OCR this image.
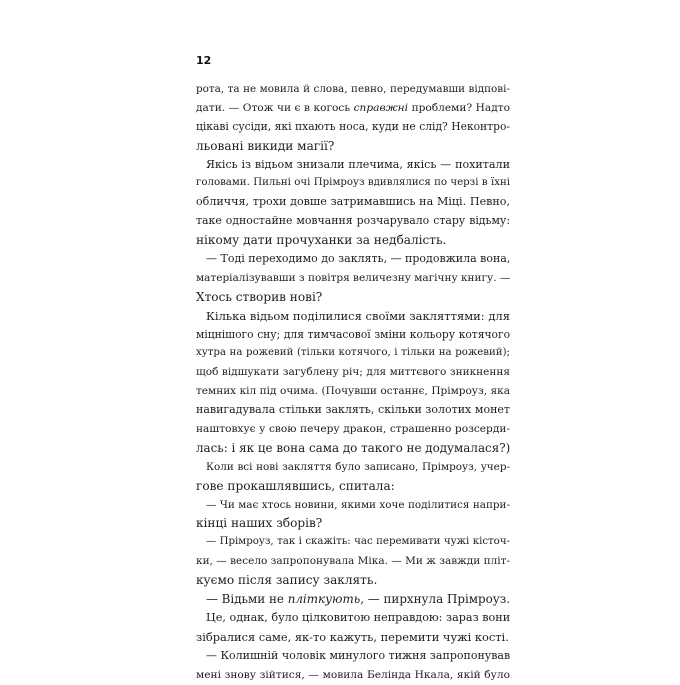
12
рота, та не мовила й слова, певно, передумавши відпові-
дати. — Отож чи є в когось справжні проблеми? Надто
цікаві сусіди, які пхають носа, куди не слід? Неконтро-
льовані викиди магії?
Якісь із відьом знизали плечима, якісь — похитали
головами. Пильні очі Прімроуз вдивлялися по черзі в їхні
обличчя, трохи довше затримавшись на Міці. Певно,
таке одностайне мовчання розчарувало стару відьму:
нікому дати прочуханки за недбалість.
— Тоді переходимо до заклять, — продовжила вона,
матеріалізувавши з повітря величезну магічну книгу. —
Хтось створив нові?
Кілька відьом поділилися своїми закляттями: для
міцнішого сну; для тимчасової зміни кольору котячого
хутра на рожевий (тільки котячого, і тільки на рожевий);
щоб відшукати загублену річ; для миттєвого зникнення
темних кіл під очима. (Почувши останнє, Прімроуз, яка
навигадувала стільки заклять, скільки золотих монет
наштовхує у свою печеру дракон, страшенно розсерди-
лась: і як це вона сама до такого не додумалася?)
Коли всі нові закляття було записано, Прімроуз, учер-
гове прокашлявшись, спитала:
— Чи має хтось новини, якими хоче поділитися напри-
кінці наших зборів?
— Прімроуз, так і скажіть: час перемивати чужі кісточ-
ки, — весело запропонувала Міка. — Ми ж завжди пліт-
куємо після запису заклять.
— Відьми не пліткують, — пирхнула Прімроуз.
Це, однак, було цілковитою неправдою: зараз вони
зібралися саме, як-то кажуть, перемити чужі кості.
— Колишній чоловік минулого тижня запропонував
мені знову зійтися, — мовила Белінда Нкала, якій було
